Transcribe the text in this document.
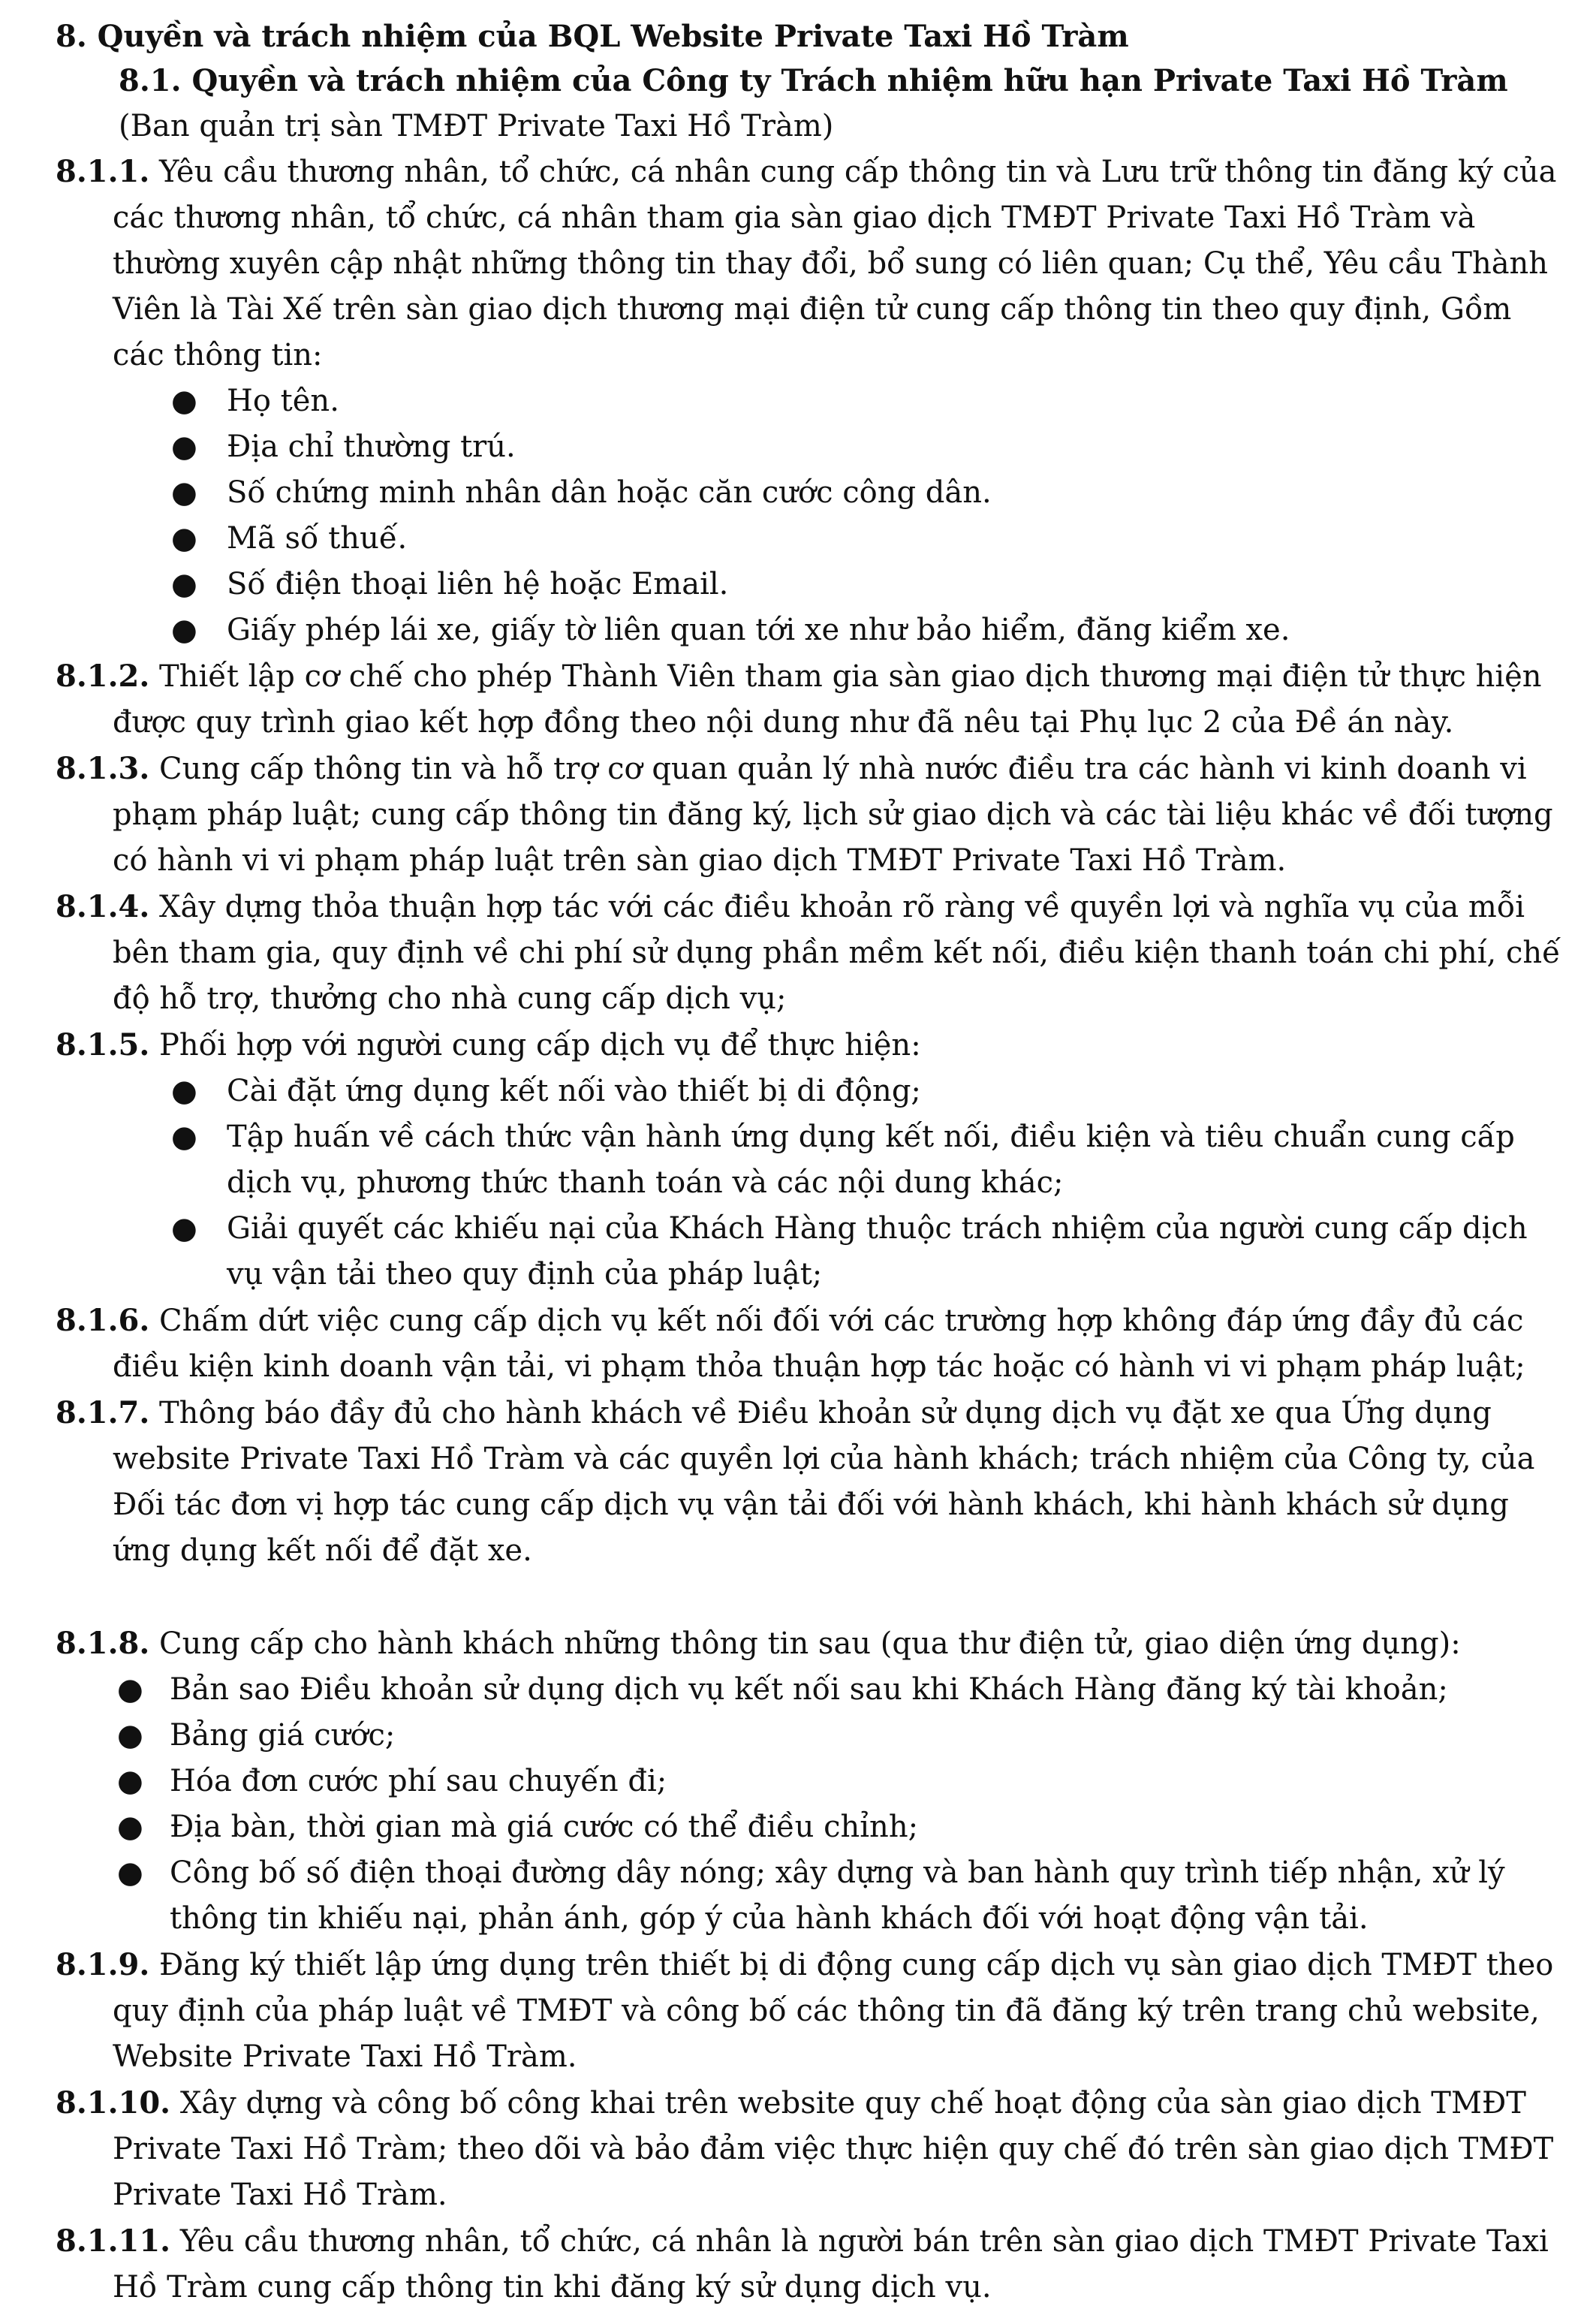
8. Quyền và trách nhiệm của BQL Website Private Taxi Hồ Tràm

8.1. Quyền và trách nhiệm của Công ty Trách nhiệm hữu hạn Private Taxi Hồ Tràm (Ban quản trị sàn TMĐT Private Taxi Hồ Tràm)

8.1.1. Yêu cầu thương nhân, tổ chức, cá nhân cung cấp thông tin và Lưu trữ thông tin đăng ký của các thương nhân, tổ chức, cá nhân tham gia sàn giao dịch TMĐT Private Taxi Hồ Tràm và thường xuyên cập nhật những thông tin thay đổi, bổ sung có liên quan; Cụ thể, Yêu cầu Thành Viên là Tài Xế trên sàn giao dịch thương mại điện tử cung cấp thông tin theo quy định, Gồm các thông tin:

● Họ tên.
● Địa chỉ thường trú.
● Số chứng minh nhân dân hoặc căn cước công dân.
● Mã số thuế.
● Số điện thoại liên hệ hoặc Email.
● Giấy phép lái xe, giấy tờ liên quan tới xe như bảo hiểm, đăng kiểm xe.

8.1.2. Thiết lập cơ chế cho phép Thành Viên tham gia sàn giao dịch thương mại điện tử thực hiện được quy trình giao kết hợp đồng theo nội dung như đã nêu tại Phụ lục 2 của Đề án này.

8.1.3. Cung cấp thông tin và hỗ trợ cơ quan quản lý nhà nước điều tra các hành vi kinh doanh vi phạm pháp luật; cung cấp thông tin đăng ký, lịch sử giao dịch và các tài liệu khác về đối tượng có hành vi vi phạm pháp luật trên sàn giao dịch TMĐT Private Taxi Hồ Tràm.

8.1.4. Xây dựng thỏa thuận hợp tác với các điều khoản rõ ràng về quyền lợi và nghĩa vụ của mỗi bên tham gia, quy định về chi phí sử dụng phần mềm kết nối, điều kiện thanh toán chi phí, chế độ hỗ trợ, thưởng cho nhà cung cấp dịch vụ;

8.1.5. Phối hợp với người cung cấp dịch vụ để thực hiện:

● Cài đặt ứng dụng kết nối vào thiết bị di động;
● Tập huấn về cách thức vận hành ứng dụng kết nối, điều kiện và tiêu chuẩn cung cấp dịch vụ, phương thức thanh toán và các nội dung khác;
● Giải quyết các khiếu nại của Khách Hàng thuộc trách nhiệm của người cung cấp dịch vụ vận tải theo quy định của pháp luật;

8.1.6. Chấm dứt việc cung cấp dịch vụ kết nối đối với các trường hợp không đáp ứng đầy đủ các điều kiện kinh doanh vận tải, vi phạm thỏa thuận hợp tác hoặc có hành vi vi phạm pháp luật;

8.1.7. Thông báo đầy đủ cho hành khách về Điều khoản sử dụng dịch vụ đặt xe qua Ứng dụng website Private Taxi Hồ Tràm và các quyền lợi của hành khách; trách nhiệm của Công ty, của Đối tác đơn vị hợp tác cung cấp dịch vụ vận tải đối với hành khách, khi hành khách sử dụng ứng dụng kết nối để đặt xe.

8.1.8. Cung cấp cho hành khách những thông tin sau (qua thư điện tử, giao diện ứng dụng):

● Bản sao Điều khoản sử dụng dịch vụ kết nối sau khi Khách Hàng đăng ký tài khoản;
● Bảng giá cước;
● Hóa đơn cước phí sau chuyến đi;
● Địa bàn, thời gian mà giá cước có thể điều chỉnh;
● Công bố số điện thoại đường dây nóng; xây dựng và ban hành quy trình tiếp nhận, xử lý thông tin khiếu nại, phản ánh, góp ý của hành khách đối với hoạt động vận tải.

8.1.9. Đăng ký thiết lập ứng dụng trên thiết bị di động cung cấp dịch vụ sàn giao dịch TMĐT theo quy định của pháp luật về TMĐT và công bố các thông tin đã đăng ký trên trang chủ website, Website Private Taxi Hồ Tràm.

8.1.10. Xây dựng và công bố công khai trên website quy chế hoạt động của sàn giao dịch TMĐT Private Taxi Hồ Tràm; theo dõi và bảo đảm việc thực hiện quy chế đó trên sàn giao dịch TMĐT Private Taxi Hồ Tràm.

8.1.11. Yêu cầu thương nhân, tổ chức, cá nhân là người bán trên sàn giao dịch TMĐT Private Taxi Hồ Tràm cung cấp thông tin khi đăng ký sử dụng dịch vụ.
